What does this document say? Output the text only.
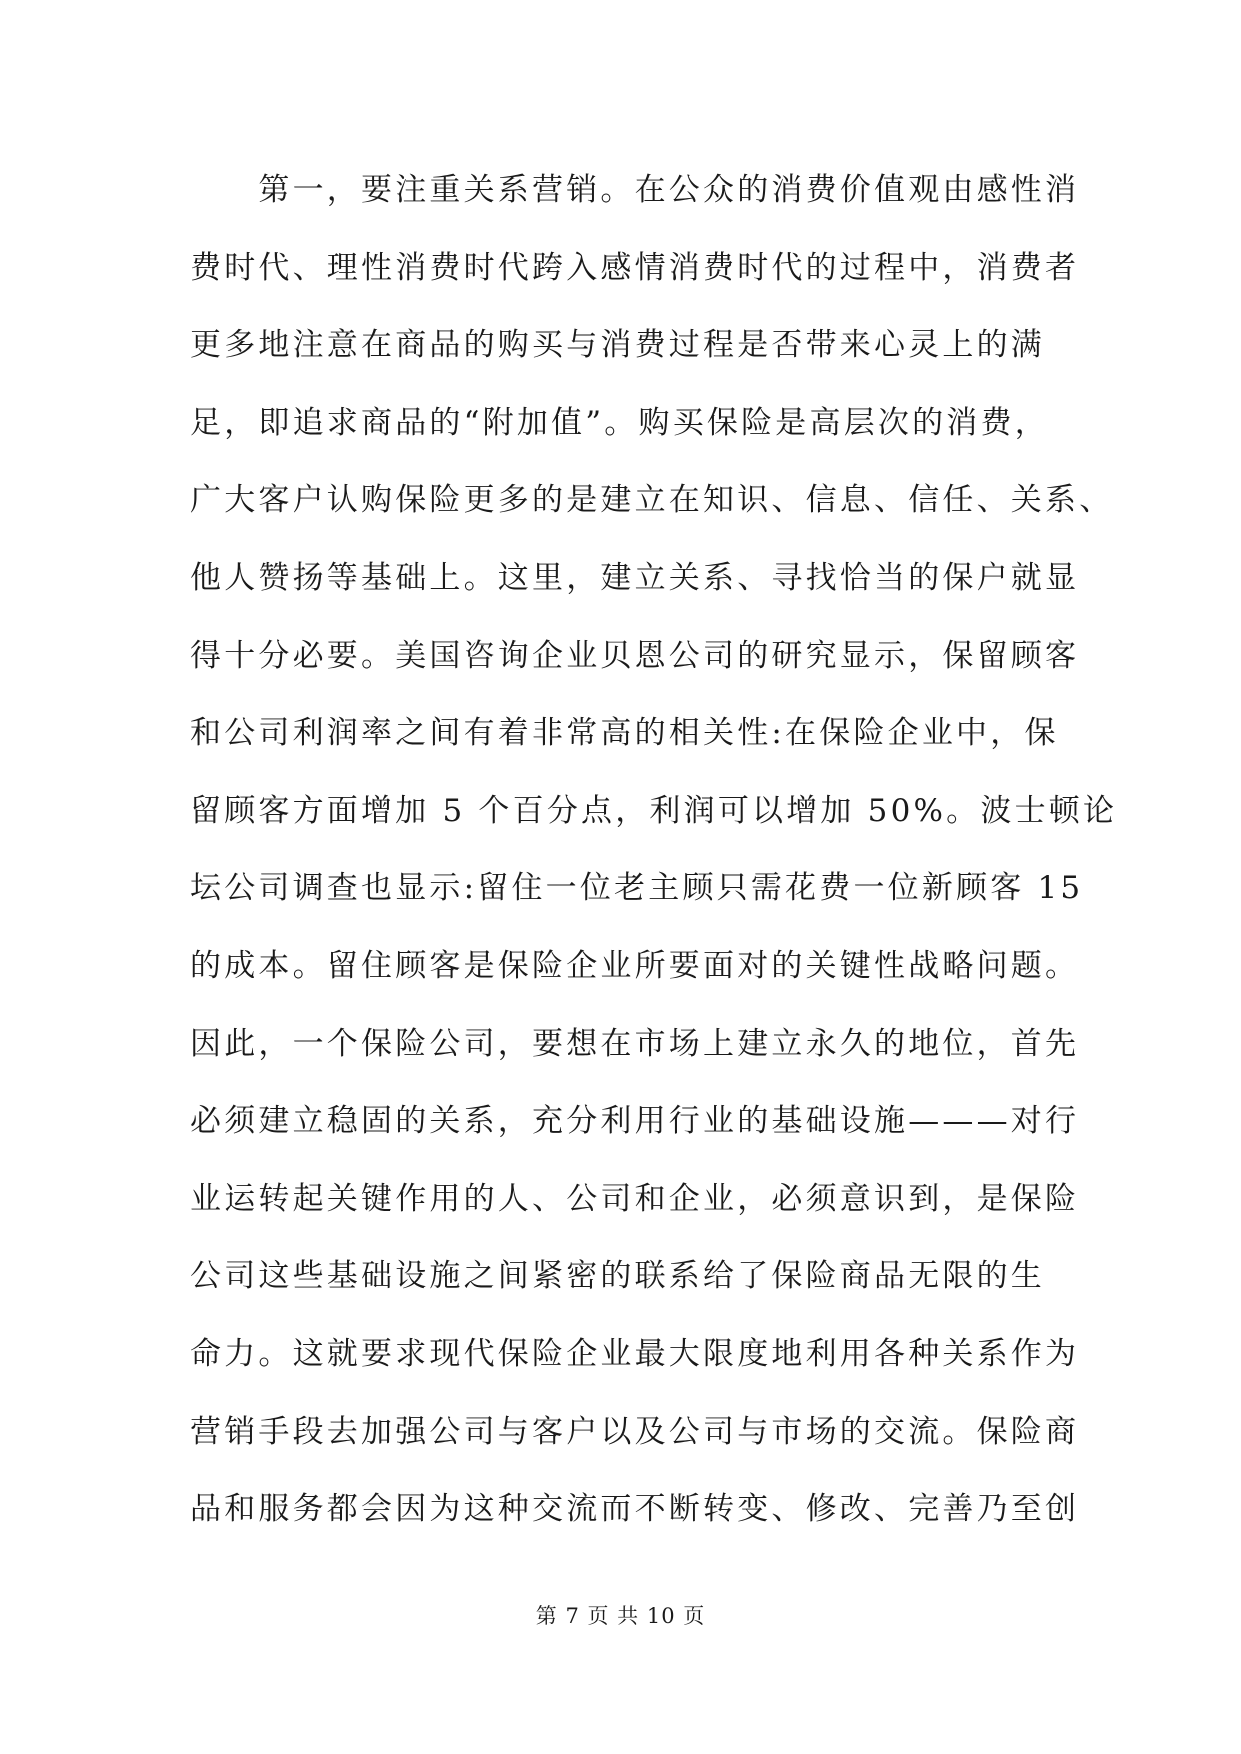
　　第一，要注重关系营销。在公众的消费价值观由感性消
费时代、理性消费时代跨入感情消费时代的过程中，消费者
更多地注意在商品的购买与消费过程是否带来心灵上的满
足，即追求商品的“附加值”。购买保险是高层次的消费，
广大客户认购保险更多的是建立在知识、信息、信任、关系、
他人赞扬等基础上。这里，建立关系、寻找恰当的保户就显
得十分必要。美国咨询企业贝恩公司的研究显示，保留顾客
和公司利润率之间有着非常高的相关性:在保险企业中，保
留顾客方面增加 5 个百分点，利润可以增加 50%。波士顿论
坛公司调查也显示:留住一位老主顾只需花费一位新顾客 15
的成本。留住顾客是保险企业所要面对的关键性战略问题。
因此，一个保险公司，要想在市场上建立永久的地位，首先
必须建立稳固的关系，充分利用行业的基础设施———对行
业运转起关键作用的人、公司和企业，必须意识到，是保险
公司这些基础设施之间紧密的联系给了保险商品无限的生
命力。这就要求现代保险企业最大限度地利用各种关系作为
营销手段去加强公司与客户以及公司与市场的交流。保险商
品和服务都会因为这种交流而不断转变、修改、完善乃至创
第 7 页 共 10 页
